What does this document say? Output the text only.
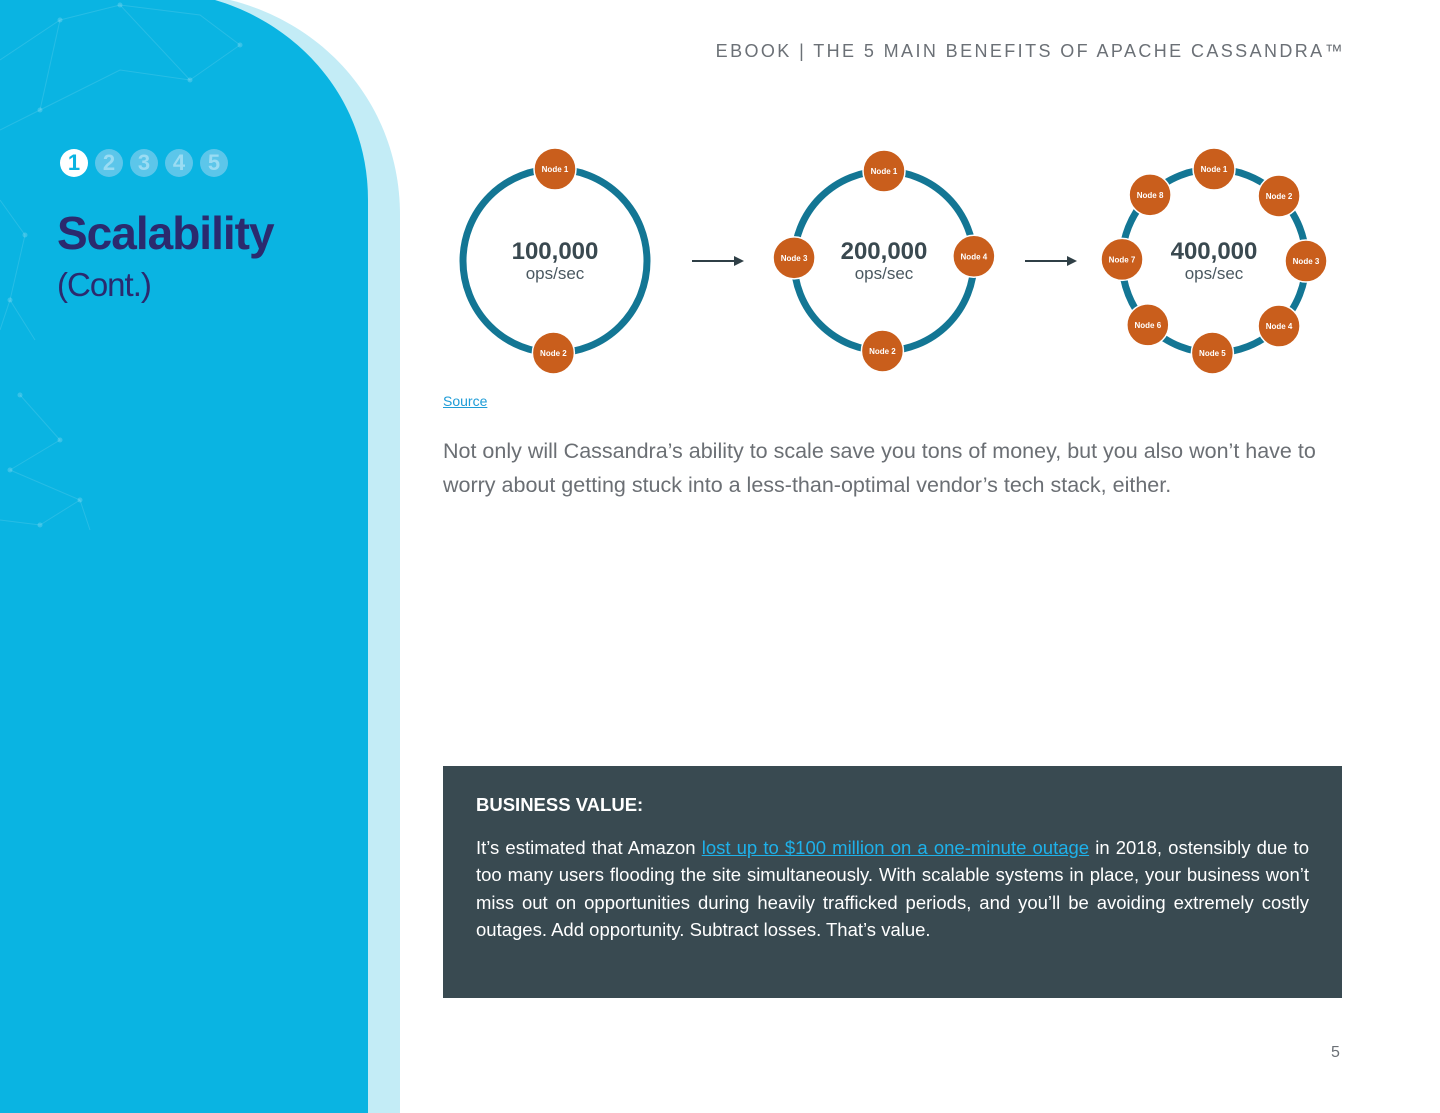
1	2	3	4	5
Scalability
(Cont.)
EBOOK | THE 5 MAIN BENEFITS OF APACHE CASSANDRA™
100,000
ops/sec
Node 1
Node 2
200,000
ops/sec
Node 1
Node 4
Node 2
Node 3	400,000
ops/sec
Node 1
Node 2
Node 3
Node 4
Node 5
Node 6
Node 7
Node 8
Source

Not only will Cassandra’s ability to scale save you tons of money, but you also won’t have to worry about getting stuck into a less-than-optimal vendor’s tech stack, either.

BUSINESS VALUE:

It’s estimated that Amazon lost up to $100 million on a one-minute outage in 2018, ostensibly due to too many users flooding the site simultaneously. With scalable systems in place, your business won’t miss out on opportunities during heavily trafficked periods, and you’ll be avoiding extremely costly outages. Add opportunity. Subtract losses. That’s value.

5
